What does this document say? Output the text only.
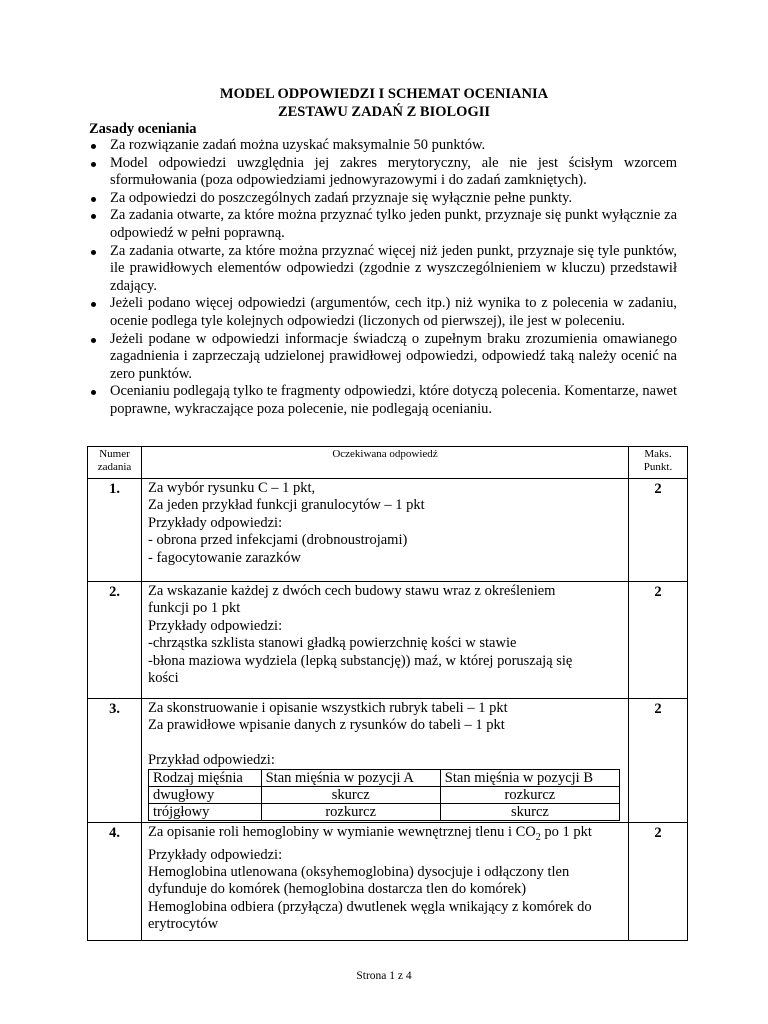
MODEL ODPOWIEDZI I SCHEMAT OCENIANIA
ZESTAWU ZADAŃ Z BIOLOGII
Zasady oceniania
Za rozwiązanie zadań można uzyskać maksymalnie 50 punktów.
Model odpowiedzi uwzględnia jej zakres merytoryczny, ale nie jest ścisłym wzorcem sformułowania (poza odpowiedziami jednowyrazowymi i do zadań zamkniętych).
Za odpowiedzi do poszczególnych zadań przyznaje się wyłącznie pełne punkty.
Za zadania otwarte, za które można przyznać tylko jeden punkt, przyznaje się punkt wyłącznie za odpowiedź w pełni poprawną.
Za zadania otwarte, za które można przyznać więcej niż jeden punkt, przyznaje się tyle punktów, ile prawidłowych elementów odpowiedzi (zgodnie z wyszczególnieniem w kluczu) przedstawił zdający.
Jeżeli podano więcej odpowiedzi (argumentów, cech itp.) niż wynika to z polecenia w zadaniu, ocenie podlega tyle kolejnych odpowiedzi (liczonych od pierwszej), ile jest w poleceniu.
Jeżeli podane w odpowiedzi informacje świadczą o zupełnym braku zrozumienia omawianego zagadnienia i zaprzeczają udzielonej prawidłowej odpowiedzi, odpowiedź taką należy ocenić na zero punktów.
Ocenianiu podlegają tylko te fragmenty odpowiedzi, które dotyczą polecenia. Komentarze, nawet poprawne, wykraczające poza polecenie, nie podlegają ocenianiu.
Numer
zadania	Oczekiwana odpowiedź	Maks.
Punkt.
1.	Za wybór rysunku C – 1 pkt,
Za jeden przykład funkcji granulocytów – 1 pkt
Przykłady odpowiedzi:
- obrona przed infekcjami (drobnoustrojami)
- fagocytowanie zarazków
	2
2.	Za wskazanie każdej z dwóch cech budowy stawu wraz z określeniem
funkcji po 1 pkt
Przykłady odpowiedzi:
-chrząstka szklista stanowi gładką powierzchnię kości w stawie
-błona maziowa wydziela (lepką substancję)) maź, w której poruszają się
kości
	2
3.	Za skonstruowanie i opisanie wszystkich rubryk tabeli – 1 pkt
Za prawidłowe wpisanie danych z rysunków do tabeli – 1 pkt
Przykład odpowiedzi:
Rodzaj mięśnia	Stan mięśnia w pozycji A	Stan mięśnia w pozycji B
dwugłowy	skurcz	rozkurcz
trójgłowy	rozkurcz	skurcz
	2
4.	Za opisanie roli hemoglobiny w wymianie wewnętrznej tlenu i $CO_2$ po 1 pkt
Przykłady odpowiedzi:
Hemoglobina utlenowana (oksyhemoglobina) dysocjuje i odłączony tlen
dyfunduje do komórek (hemoglobina dostarcza tlen do komórek)
Hemoglobina odbiera (przyłącza) dwutlenek węgla wnikający z komórek do
erytrocytów
	2
Strona 1 z 4
